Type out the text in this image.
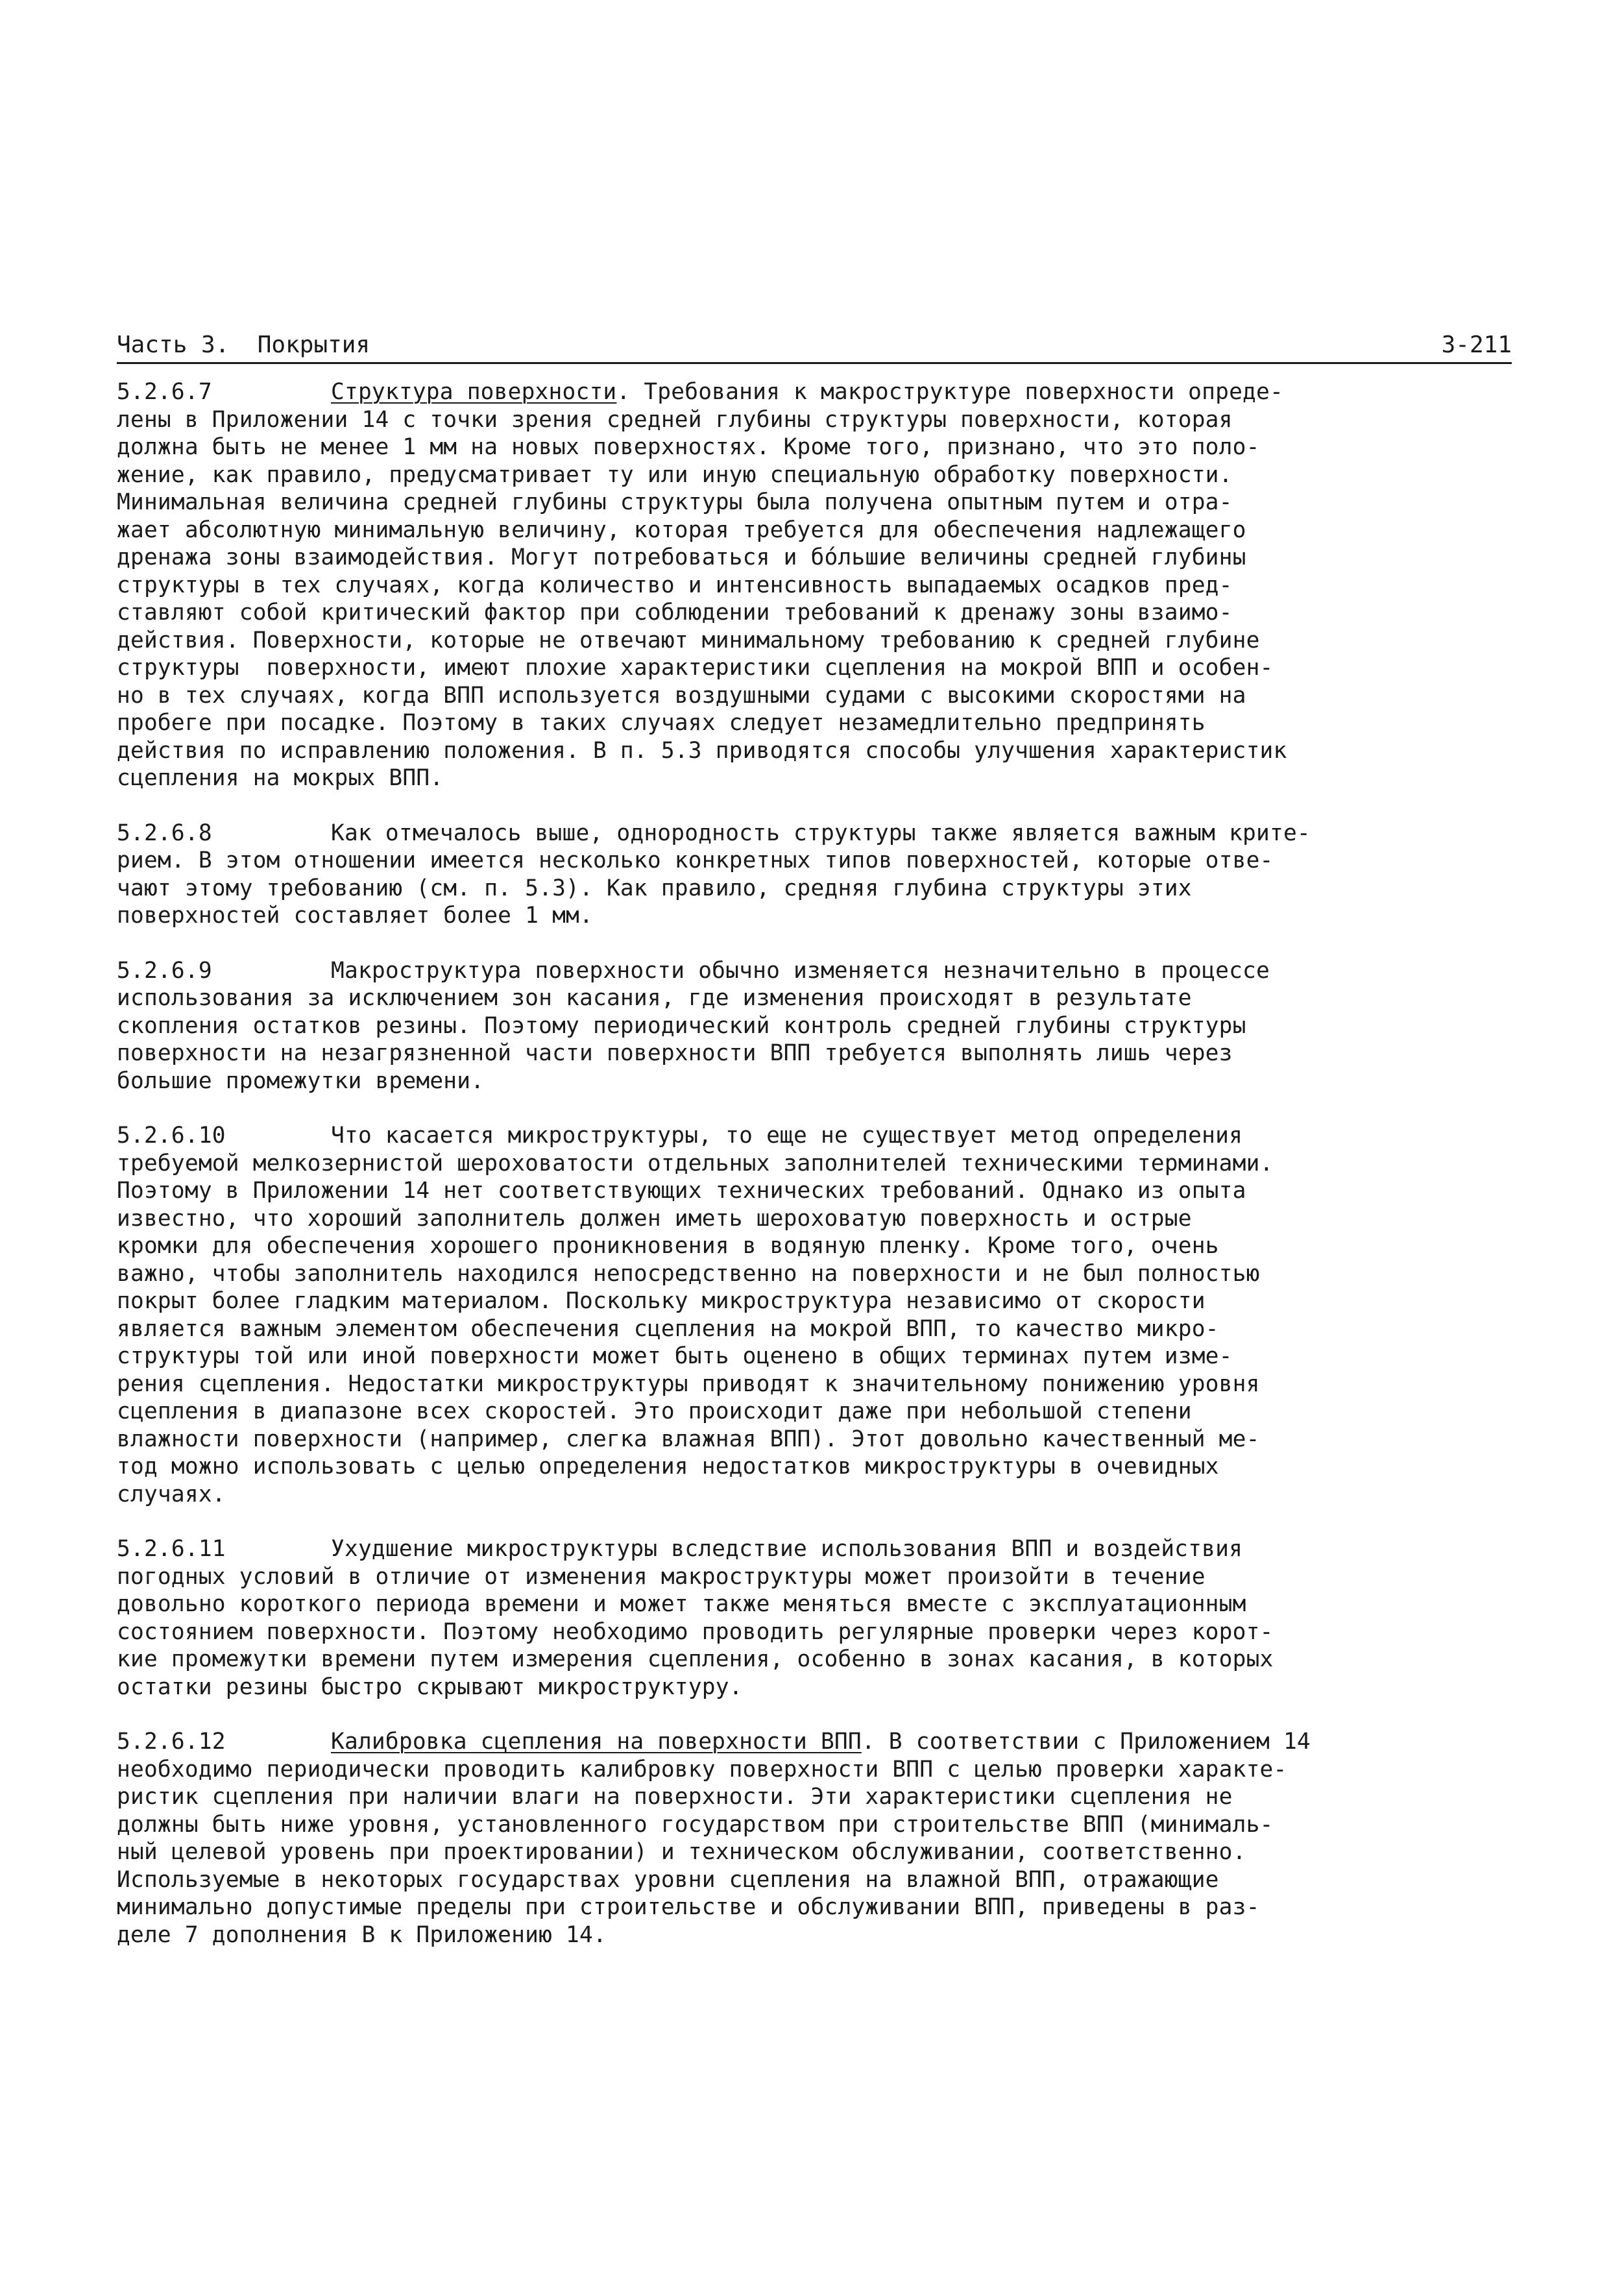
Часть 3. Покрытия	3-211

5.2.6.7	Структура поверхности. Требования к макроструктуре поверхности опреде-
лены в Приложении 14 с точки зрения средней глубины структуры поверхности, которая
должна быть не менее 1 мм на новых поверхностях. Кроме того, признано, что это поло-
жение, как правило, предусматривает ту или иную специальную обработку поверхности.
Минимальная величина средней глубины структуры была получена опытным путем и отра-
жает абсолютную минимальную величину, которая требуется для обеспечения надлежащего
дренажа зоны взаимодействия. Могут потребоваться и бóльшие величины средней глубины
структуры в тех случаях, когда количество и интенсивность выпадаемых осадков пред-
ставляют собой критический фактор при соблюдении требований к дренажу зоны взаимо-
действия. Поверхности, которые не отвечают минимальному требованию к средней глубине
структуры  поверхности, имеют плохие характеристики сцепления на мокрой ВПП и особен-
но в тех случаях, когда ВПП используется воздушными судами с высокими скоростями на
пробеге при посадке. Поэтому в таких случаях следует незамедлительно предпринять
действия по исправлению положения. В п. 5.3 приводятся способы улучшения характеристик
сцепления на мокрых ВПП.

5.2.6.8	Как отмечалось выше, однородность структуры также является важным крите-
рием. В этом отношении имеется несколько конкретных типов поверхностей, которые отве-
чают этому требованию (см. п. 5.3). Как правило, средняя глубина структуры этих
поверхностей составляет более 1 мм.

5.2.6.9	Макроструктура поверхности обычно изменяется незначительно в процессе
использования за исключением зон касания, где изменения происходят в результате
скопления остатков резины. Поэтому периодический контроль средней глубины структуры
поверхности на незагрязненной части поверхности ВПП требуется выполнять лишь через
большие промежутки времени.

5.2.6.10	Что касается микроструктуры, то еще не существует метод определения
требуемой мелкозернистой шероховатости отдельных заполнителей техническими терминами.
Поэтому в Приложении 14 нет соответствующих технических требований. Однако из опыта
известно, что хороший заполнитель должен иметь шероховатую поверхность и острые
кромки для обеспечения хорошего проникновения в водяную пленку. Кроме того, очень
важно, чтобы заполнитель находился непосредственно на поверхности и не был полностью
покрыт более гладким материалом. Поскольку микроструктура независимо от скорости
является важным элементом обеспечения сцепления на мокрой ВПП, то качество микро-
структуры той или иной поверхности может быть оценено в общих терминах путем изме-
рения сцепления. Недостатки микроструктуры приводят к значительному понижению уровня
сцепления в диапазоне всех скоростей. Это происходит даже при небольшой степени
влажности поверхности (например, слегка влажная ВПП). Этот довольно качественный ме-
тод можно использовать с целью определения недостатков микроструктуры в очевидных
случаях.

5.2.6.11	Ухудшение микроструктуры вследствие использования ВПП и воздействия
погодных условий в отличие от изменения макроструктуры может произойти в течение
довольно короткого периода времени и может также меняться вместе с эксплуатационным
состоянием поверхности. Поэтому необходимо проводить регулярные проверки через корот-
кие промежутки времени путем измерения сцепления, особенно в зонах касания, в которых
остатки резины быстро скрывают микроструктуру.

5.2.6.12	Калибровка сцепления на поверхности ВПП. В соответствии с Приложением 14
необходимо периодически проводить калибровку поверхности ВПП с целью проверки характе-
ристик сцепления при наличии влаги на поверхности. Эти характеристики сцепления не
должны быть ниже уровня, установленного государством при строительстве ВПП (минималь-
ный целевой уровень при проектировании) и техническом обслуживании, соответственно.
Используемые в некоторых государствах уровни сцепления на влажной ВПП, отражающие
минимально допустимые пределы при строительстве и обслуживании ВПП, приведены в раз-
деле 7 дополнения В к Приложению 14.
